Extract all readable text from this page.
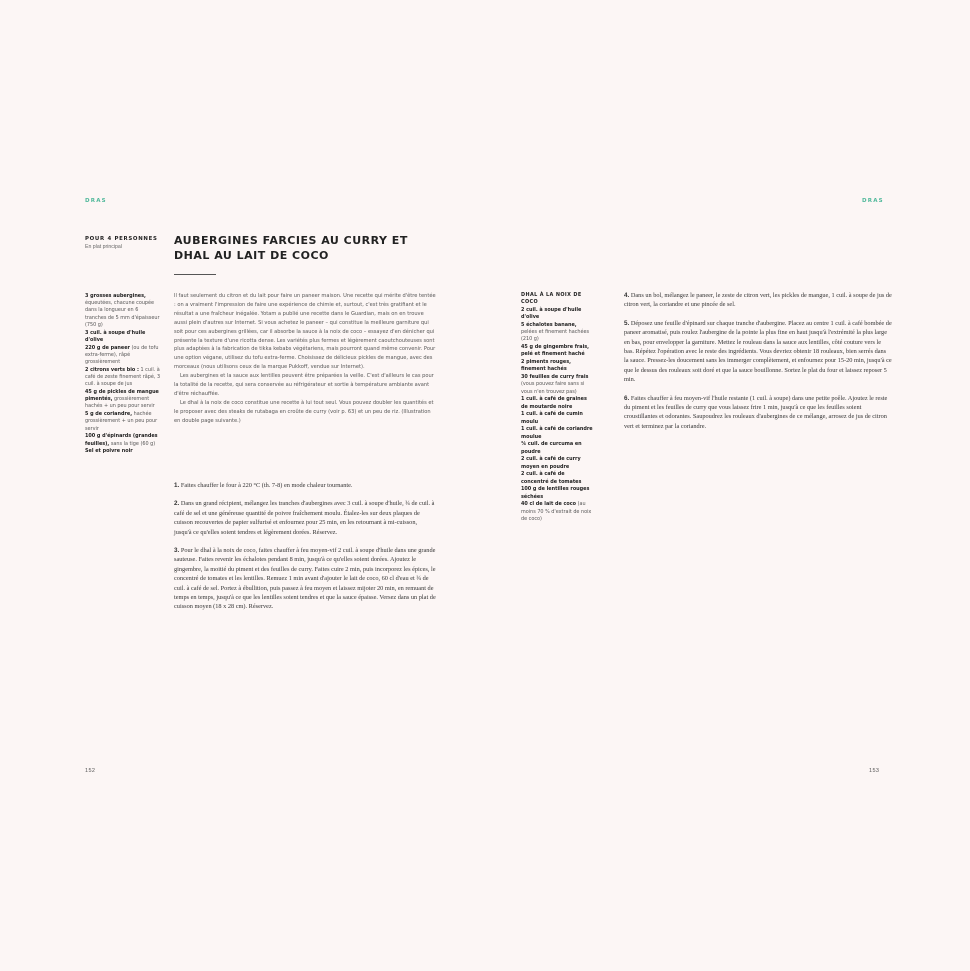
DRAS
POUR 4 PERSONNES
En plat principal	AUBERGINES FARCIES AU CURRY ET DHAL AU LAIT DE COCO
3 grosses aubergines, équeutées, chacune coupée dans la longueur en 6 tranches de 5 mm d'épaisseur (750 g)
3 cuil. à soupe d'huile d'olive
220 g de paneer (ou de tofu extra-ferme), râpé grossièrement
2 citrons verts bio : 1 cuil. à café de zeste finement râpé, 3 cuil. à soupe de jus
45 g de pickles de mangue pimentés, grossièrement hachés + un peu pour servir
5 g de coriandre, hachée grossièrement + un peu pour servir
100 g d'épinards (grandes feuilles), sans la tige (60 g)
Sel et poivre noir

Il faut seulement du citron et du lait pour faire un paneer maison. Une recette qui mérite d'être tentée : on a vraiment l'impression de faire une expérience de chimie et, surtout, c'est très gratifiant et le résultat a une fraîcheur inégalée. Yotam a publié une recette dans le Guardian, mais on en trouve aussi plein d'autres sur Internet. Si vous achetez le paneer – qui constitue la meilleure garniture qui soit pour ces aubergines grillées, car il absorbe la sauce à la noix de coco – essayez d'en dénicher qui présente la texture d'une ricotta dense. Les variétés plus fermes et légèrement caoutchouteuses sont plus adaptées à la fabrication de tikka kebabs végétariens, mais pourront quand même convenir. Pour une option végane, utilisez du tofu extra-ferme. Choisissez de délicieux pickles de mangue, avec des morceaux (nous utilisons ceux de la marque Pukkoff, vendue sur Internet).

Les aubergines et la sauce aux lentilles peuvent être préparées la veille. C'est d'ailleurs le cas pour la totalité de la recette, qui sera conservée au réfrigérateur et sortie à température ambiante avant d'être réchauffée.

Le dhal à la noix de coco constitue une recette à lui tout seul. Vous pouvez doubler les quantités et le proposer avec des steaks de rutabaga en croûte de curry (voir p. 63) et un peu de riz. (Illustration en double page suivante.)

1. Faites chauffer le four à 220 °C (th. 7-8) en mode chaleur tournante.

2. Dans un grand récipient, mélangez les tranches d'aubergines avec 3 cuil. à soupe d'huile, ¾ de cuil. à café de sel et une généreuse quantité de poivre fraîchement moulu. Étalez-les sur deux plaques de cuisson recouvertes de papier sulfurisé et enfournez pour 25 min, en les retournant à mi-cuisson, jusqu'à ce qu'elles soient tendres et légèrement dorées. Réservez.

3. Pour le dhal à la noix de coco, faites chauffer à feu moyen-vif 2 cuil. à soupe d'huile dans une grande sauteuse. Faites revenir les échalotes pendant 8 min, jusqu'à ce qu'elles soient dorées. Ajoutez le gingembre, la moitié du piment et des feuilles de curry. Faites cuire 2 min, puis incorporez les épices, le concentré de tomates et les lentilles. Remuez 1 min avant d'ajouter le lait de coco, 60 cl d'eau et ¾ de cuil. à café de sel. Portez à ébullition, puis passez à feu moyen et laissez mijoter 20 min, en remuant de temps en temps, jusqu'à ce que les lentilles soient tendres et que la sauce épaisse. Versez dans un plat de cuisson moyen (18 x 28 cm). Réservez.

152
DRAS
DHAL À LA NOIX DE COCO
2 cuil. à soupe d'huile d'olive
5 échalotes banane, pelées et finement hachées (210 g)
45 g de gingembre frais, pelé et finement haché
2 piments rouges, finement hachés
30 feuilles de curry frais (vous pouvez faire sans si vous n'en trouvez pas)
1 cuil. à café de graines de moutarde noire
1 cuil. à café de cumin moulu
1 cuil. à café de coriandre moulue
¾ cuil. de curcuma en poudre
2 cuil. à café de curry moyen en poudre
2 cuil. à café de concentré de tomates
100 g de lentilles rouges séchées
40 cl de lait de coco (au moins 70 % d'extrait de noix de coco)

4. Dans un bol, mélangez le paneer, le zeste de citron vert, les pickles de mangue, 1 cuil. à soupe de jus de citron vert, la coriandre et une pincée de sel.

5. Déposez une feuille d'épinard sur chaque tranche d'aubergine. Placez au centre 1 cuil. à café bombée de paneer aromatisé, puis roulez l'aubergine de la pointe la plus fine en haut jusqu'à l'extrémité la plus large en bas, pour envelopper la garniture. Mettez le rouleau dans la sauce aux lentilles, côté couture vers le bas. Répétez l'opération avec le reste des ingrédients. Vous devriez obtenir 18 rouleaux, bien serrés dans la sauce. Pressez-les doucement sans les immerger complètement, et enfournez pour 15-20 min, jusqu'à ce que le dessus des rouleaux soit doré et que la sauce bouillonne. Sortez le plat du four et laissez reposer 5 min.

6. Faites chauffer à feu moyen-vif l'huile restante (1 cuil. à soupe) dans une petite poêle. Ajoutez le reste du piment et les feuilles de curry que vous laissez frire 1 min, jusqu'à ce que les feuilles soient croustillantes et odorantes. Saupoudrez les rouleaux d'aubergines de ce mélange, arrosez de jus de citron vert et terminez par la coriandre.

153
